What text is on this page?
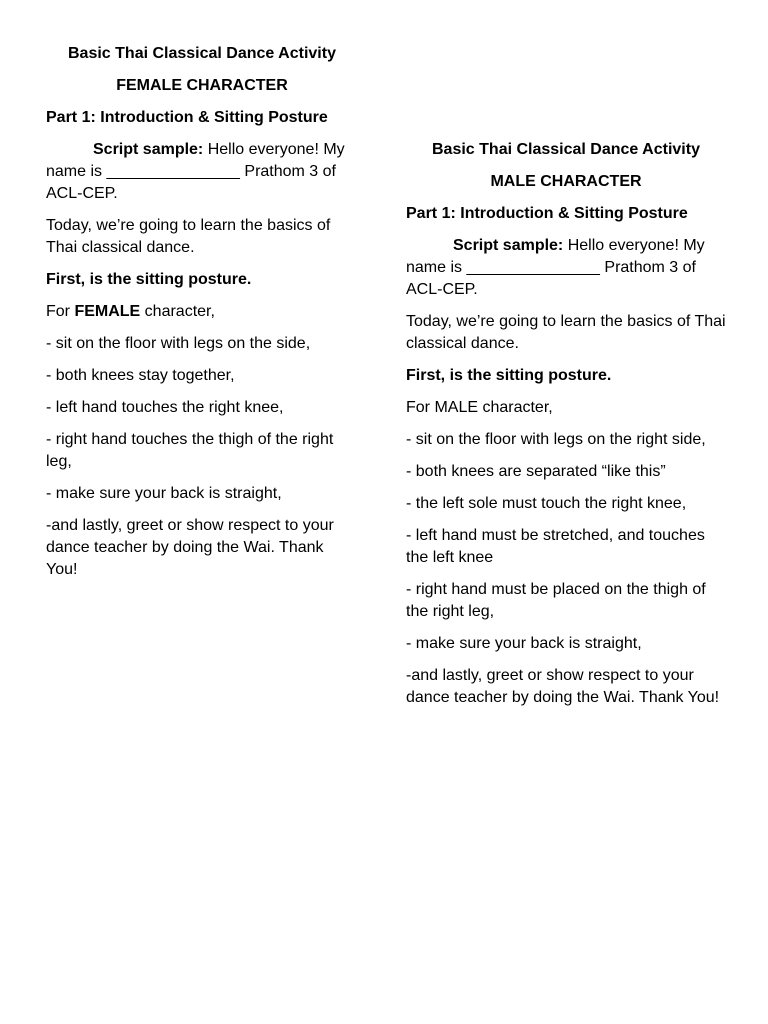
Basic Thai Classical Dance Activity

FEMALE CHARACTER

Part 1: Introduction & Sitting Posture

Script sample: Hello everyone! My name is _______________ Prathom 3 of ACL-CEP.

Today, we’re going to learn the basics of Thai classical dance.

First, is the sitting posture.

For FEMALE character,

- sit on the floor with legs on the side,

- both knees stay together,

- left hand touches the right knee,

- right hand touches the thigh of the right leg,

- make sure your back is straight,

-and lastly, greet or show respect to your dance teacher by doing the Wai. Thank You!

Basic Thai Classical Dance Activity

MALE CHARACTER

Part 1: Introduction & Sitting Posture

Script sample: Hello everyone! My name is _______________ Prathom 3 of ACL-CEP.

Today, we’re going to learn the basics of Thai classical dance.

First, is the sitting posture.

For MALE character,

- sit on the floor with legs on the right side,

- both knees are separated “like this”

- the left sole must touch the right knee,

- left hand must be stretched, and touches the left knee

- right hand must be placed on the thigh of the right leg,

- make sure your back is straight,

-and lastly, greet or show respect to your dance teacher by doing the Wai. Thank You!
